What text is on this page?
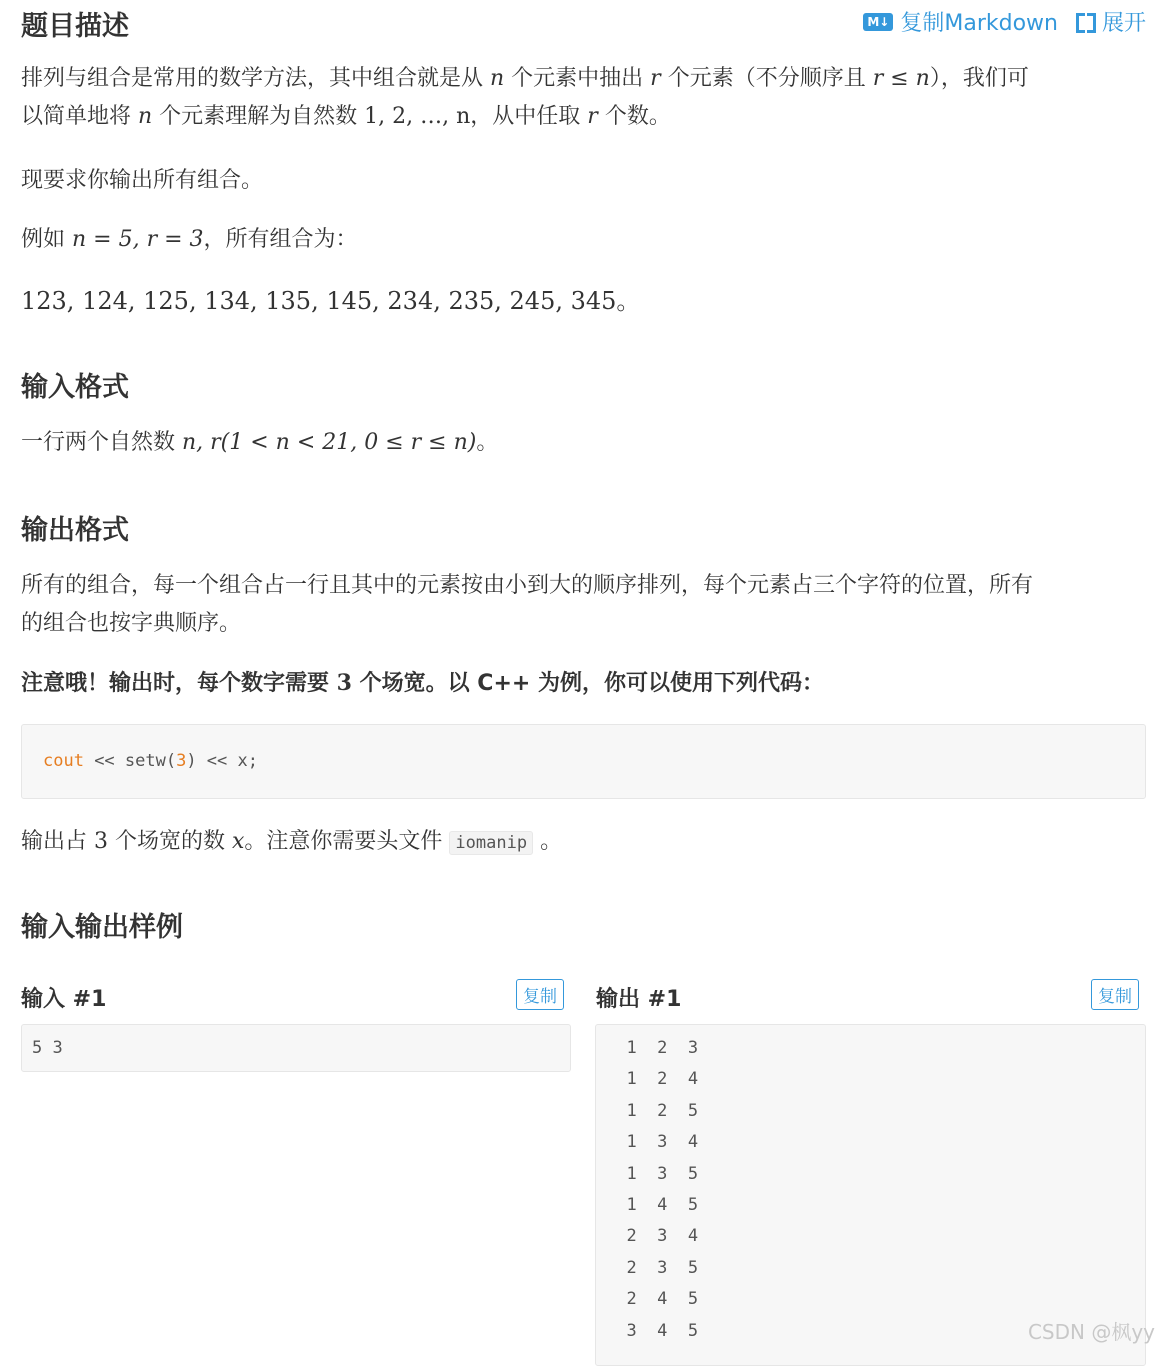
题目描述	M↓ 复制Markdown 展开

排列与组合是常用的数学方法，其中组合就是从 n 个元素中抽出 r 个元素（不分顺序且 r ≤ n），我们可
以简单地将 n 个元素理解为自然数 1, 2, …, n，从中任取 r 个数。

现要求你输出所有组合。

例如 n = 5, r = 3，所有组合为：

123, 124, 125, 134, 135, 145, 234, 235, 245, 345。

输入格式

一行两个自然数 n, r(1 < n < 21, 0 ≤ r ≤ n)。

输出格式

所有的组合，每一个组合占一行且其中的元素按由小到大的顺序排列，每个元素占三个字符的位置，所有
的组合也按字典顺序。

注意哦！输出时，每个数字需要 3 个场宽。以 C++ 为例，你可以使用下列代码：

cout << setw(3) << x;

输出占 3 个场宽的数 x。注意你需要头文件 iomanip 。

输入输出样例
输入 #1	复制
5 3
输出 #1	复制
1  2  3
1  2  4
1  2  5
1  3  4
1  3  5
1  4  5
2  3  4
2  3  5
2  4  5
3  4  5	CSDN @枫yy
